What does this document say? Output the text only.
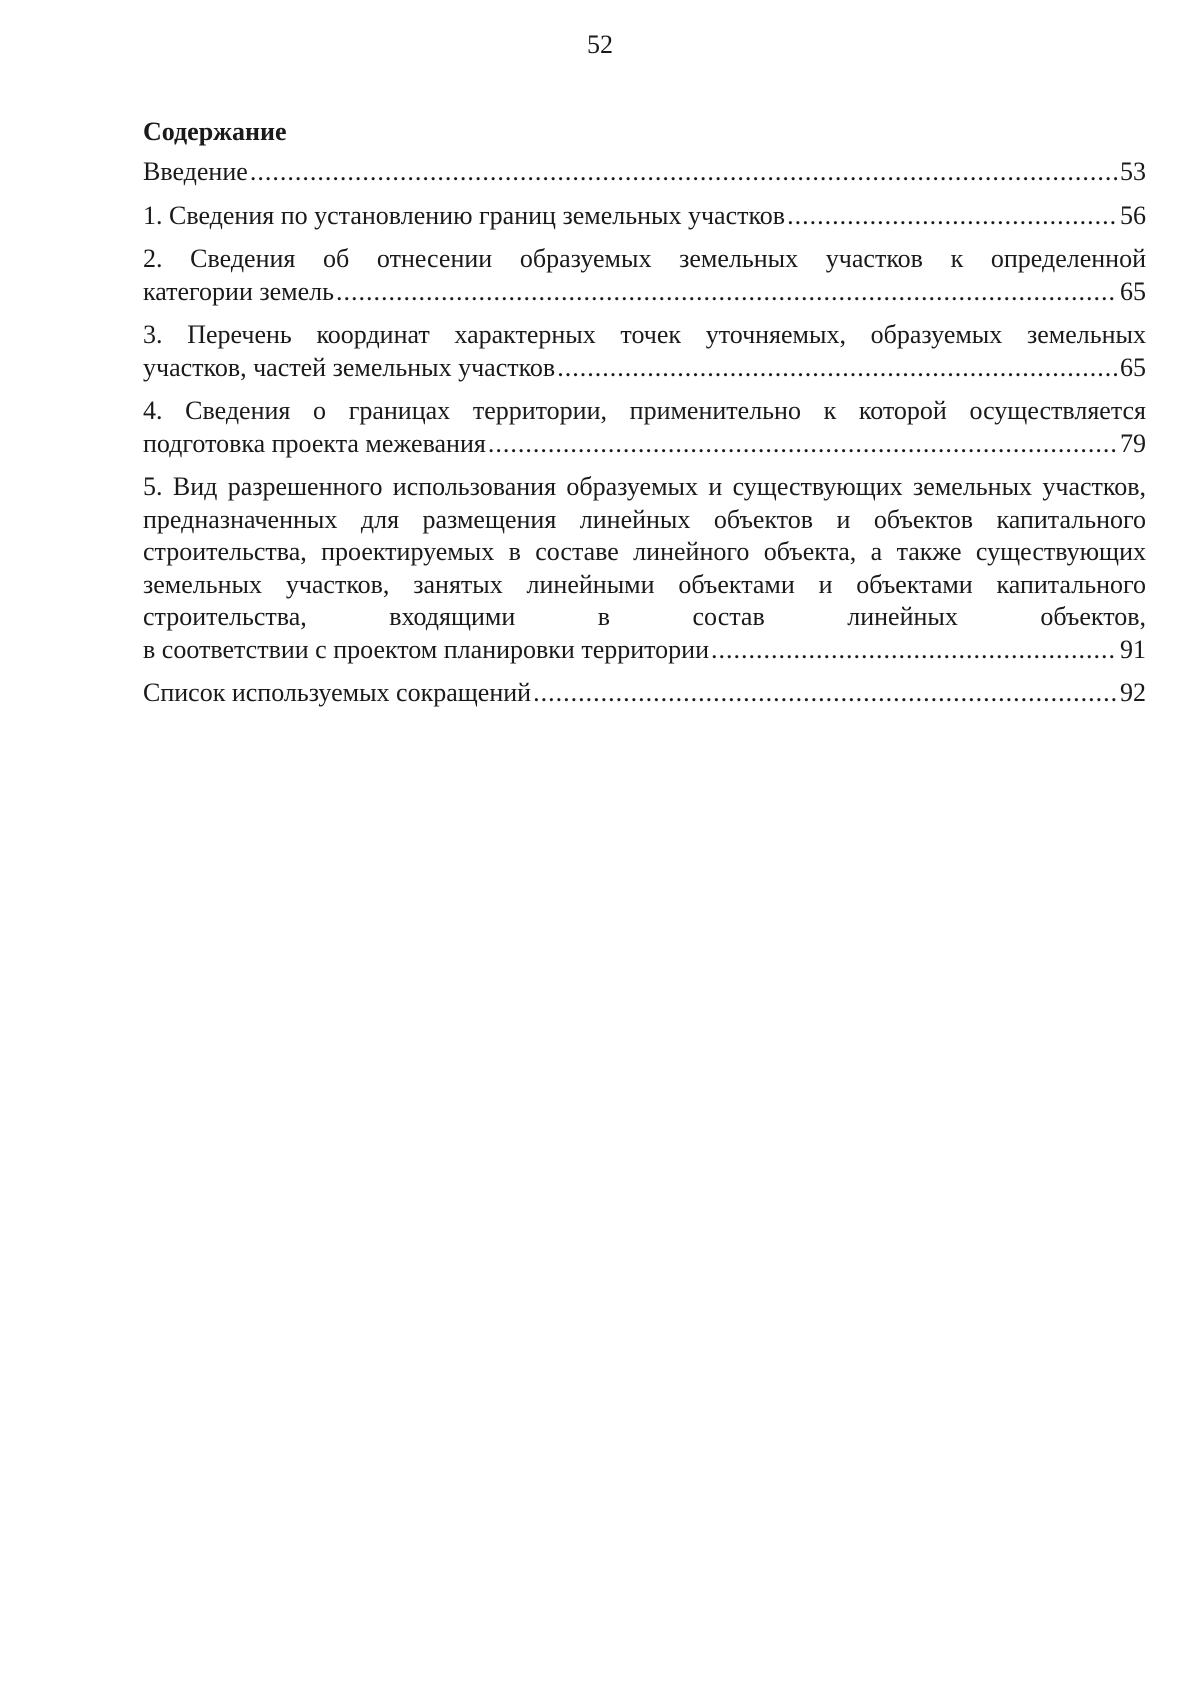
52
Содержание
Введение .....	53
1. Сведения по установлению границ земельных участков .....	56
2. Сведения об отнесении образуемых земельных участков к определенной
категории земель .....	65
3. Перечень координат характерных точек уточняемых, образуемых земельных
участков, частей земельных участков .....	65
4. Сведения о границах территории, применительно к которой осуществляется
подготовка проекта межевания .....	79
5. Вид разрешенного использования образуемых и существующих земельных участков, предназначенных для размещения линейных объектов и объектов капитального строительства, проектируемых в составе линейного объекта, а также существующих земельных участков, занятых линейными объектами и объектами капитального строительства, входящими в состав линейных объектов,
в соответствии с проектом планировки территории .....	91
Список используемых сокращений .....	92
